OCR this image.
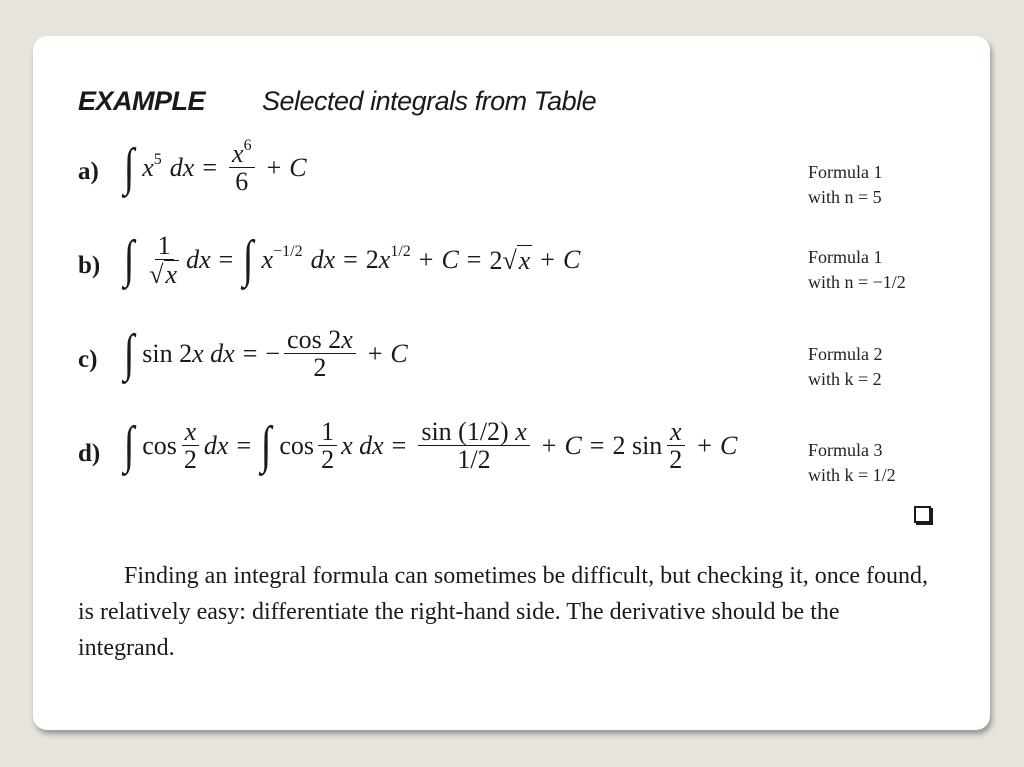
EXAMPLE Selected integrals from Table
a) ∫ $x^5$ dx = $\frac{x^6}{6} + C$	Formula 1
with n = 5
b) ∫ $\frac{1}{√ x}$ dx = ∫ $x^{-1/2}$ dx = $2x^{1/2} + C = 2√$ x + C	Formula 1
with n = −1/2
c) ∫ sin 2x dx = − $\frac{\cos 2x}{2} + C$	Formula 2
with k = 2
d) ∫ $\cos \frac{x}{2}$ dx = ∫ $\cos \frac{1}{2}$ x dx = $\frac{\sin (1/2) x}{1/2} + C = 2$ $\sin \frac{x}{2} + C$	Formula 3
with k = 1/2

Finding an integral formula can sometimes be difficult, but checking it, once found, is relatively easy: differentiate the right-hand side. The derivative should be the integrand.
